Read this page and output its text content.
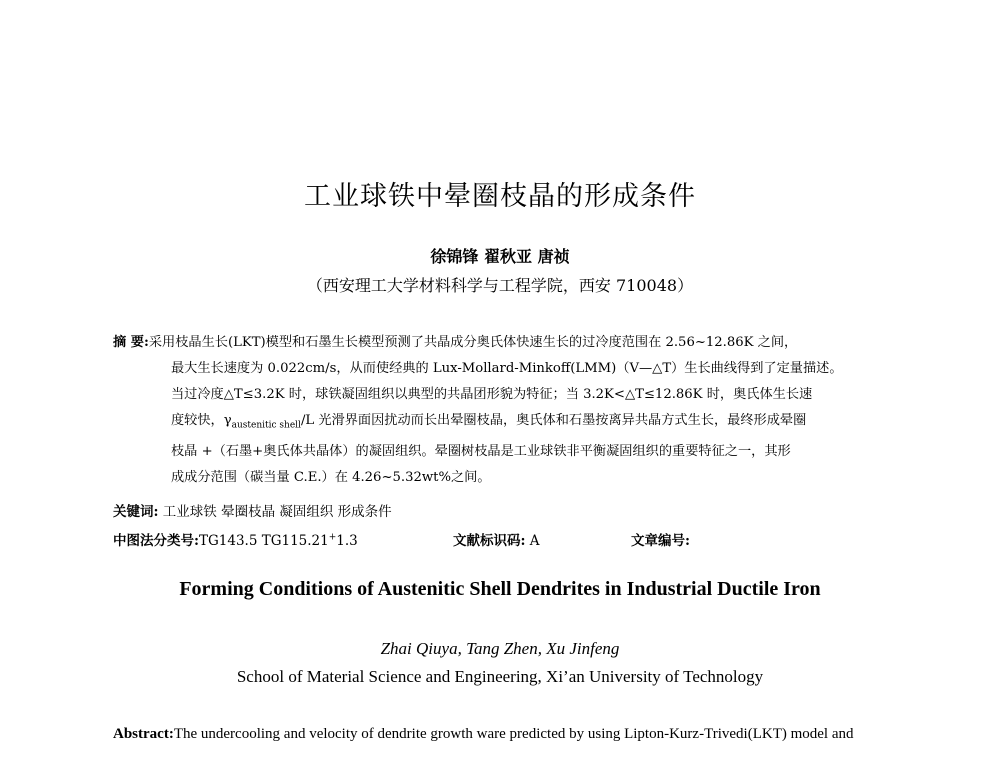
工业球铁中晕圈枝晶的形成条件
徐锦锋 翟秋亚 唐祯
（西安理工大学材料科学与工程学院，西安 710048）
摘 要:采用枝晶生长(LKT)模型和石墨生长模型预测了共晶成分奥氏体快速生长的过冷度范围在 2.56~12.86K 之间，
最大生长速度为 0.022cm/s，从而使经典的 Lux-Mollard-Minkoff(LMM)（V—△T）生长曲线得到了定量描述。
当过冷度△T≤3.2K 时，球铁凝固组织以典型的共晶团形貌为特征；当 3.2K<△T≤12.86K 时，奥氏体生长速
度较快，$\gamma_{austenitic shell}/L$ 光滑界面因扰动而长出晕圈枝晶，奥氏体和石墨按离异共晶方式生长，最终形成晕圈
枝晶 +（石墨+奥氏体共晶体）的凝固组织。晕圈树枝晶是工业球铁非平衡凝固组织的重要特征之一，其形
成成分范围（碳当量 C.E.）在 4.26~5.32wt%之间。
关键词: 工业球铁 晕圈枝晶 凝固组织 形成条件
中图法分类号:TG143.5 TG115.21+1.3	文献标识码: A	文章编号:
Forming Conditions of Austenitic Shell Dendrites in Industrial Ductile Iron
Zhai Qiuya, Tang Zhen, Xu Jinfeng
School of Material Science and Engineering, Xi’an University of Technology
Abstract:The undercooling and velocity of dendrite growth ware predicted by using Lipton-Kurz-Trivedi(LKT) model and
